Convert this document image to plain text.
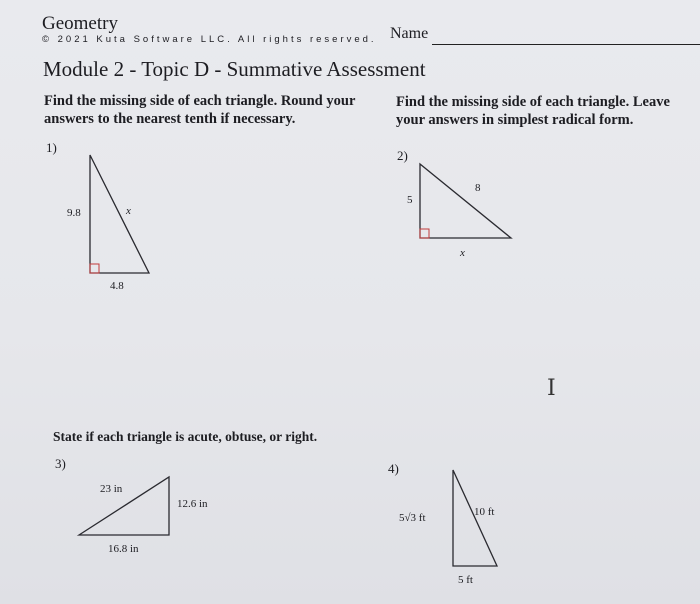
Geometry
© 2021 Kuta Software LLC. All rights reserved. Name
Module 2 - Topic D - Summative Assessment
Find the missing side of each triangle. Round your answers to the nearest tenth if necessary.
Find the missing side of each triangle. Leave your answers in simplest radical form.
1)
9.8	x
4.8
2)
5
8
x
State if each triangle is acute, obtuse, or right.
3)
23 in
12.6 in
16.8 in
4)
5√3 ft	10 ft
5 ft
I
